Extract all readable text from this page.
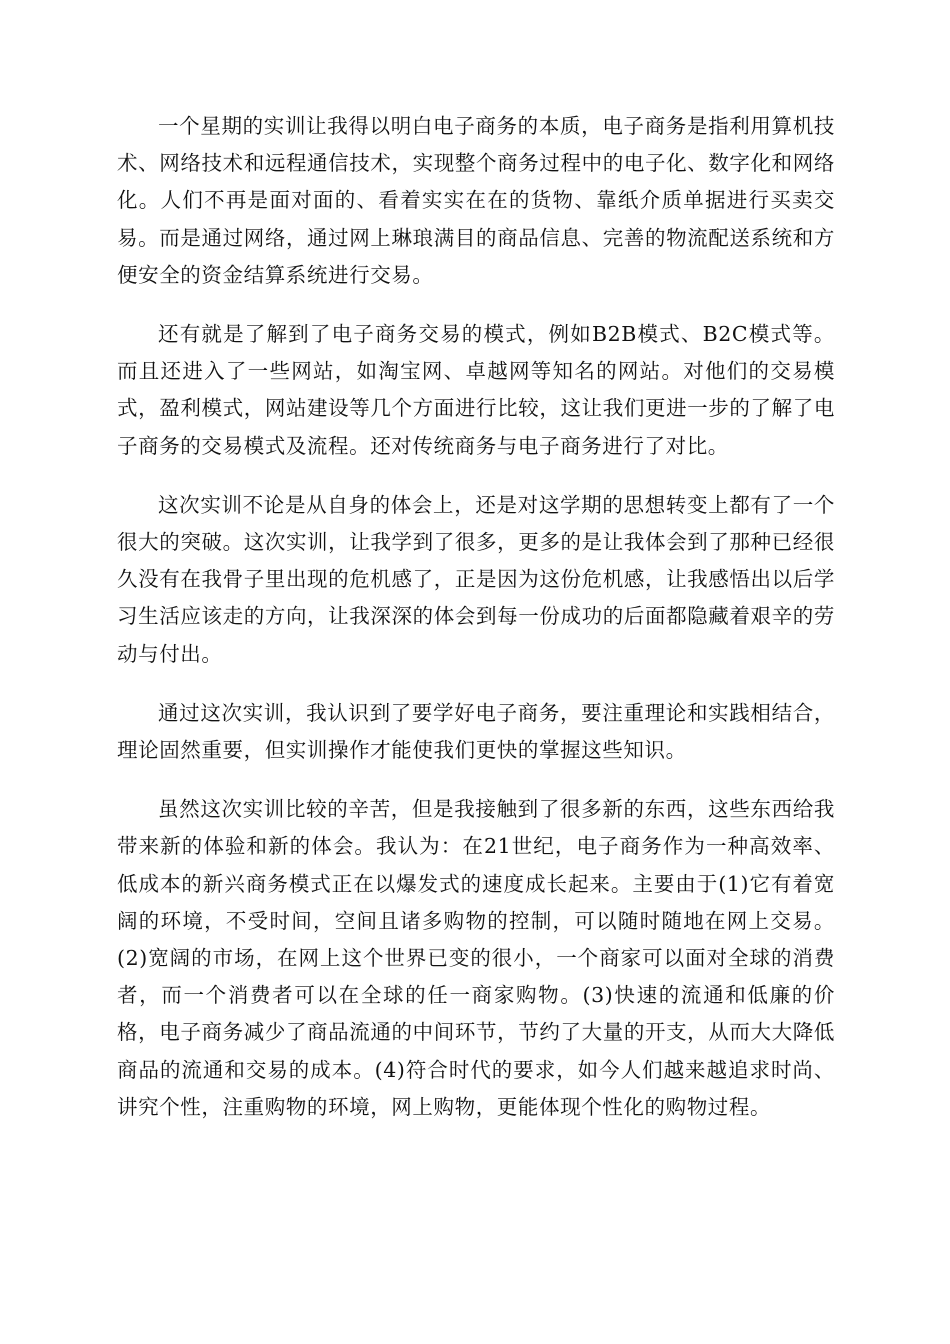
一个星期的实训让我得以明白电子商务的本质，电子商务是指利用算机技术、网络技术和远程通信技术，实现整个商务过程中的电子化、数字化和网络化。人们不再是面对面的、看着实实在在的货物、靠纸介质单据进行买卖交易。而是通过网络，通过网上琳琅满目的商品信息、完善的物流配送系统和方便安全的资金结算系统进行交易。

还有就是了解到了电子商务交易的模式，例如B2B模式、B2C模式等。而且还进入了一些网站，如淘宝网、卓越网等知名的网站。对他们的交易模式，盈利模式，网站建设等几个方面进行比较，这让我们更进一步的了解了电子商务的交易模式及流程。还对传统商务与电子商务进行了对比。

这次实训不论是从自身的体会上，还是对这学期的思想转变上都有了一个很大的突破。这次实训，让我学到了很多，更多的是让我体会到了那种已经很久没有在我骨子里出现的危机感了，正是因为这份危机感，让我感悟出以后学习生活应该走的方向，让我深深的体会到每一份成功的后面都隐藏着艰辛的劳动与付出。

通过这次实训，我认识到了要学好电子商务，要注重理论和实践相结合，理论固然重要，但实训操作才能使我们更快的掌握这些知识。

虽然这次实训比较的辛苦，但是我接触到了很多新的东西，这些东西给我带来新的体验和新的体会。我认为：在21世纪，电子商务作为一种高效率、低成本的新兴商务模式正在以爆发式的速度成长起来。主要由于(1)它有着宽阔的环境，不受时间，空间且诸多购物的控制，可以随时随地在网上交易。(2)宽阔的市场，在网上这个世界已变的很小，一个商家可以面对全球的消费者，而一个消费者可以在全球的任一商家购物。(3)快速的流通和低廉的价格，电子商务减少了商品流通的中间环节，节约了大量的开支，从而大大降低商品的流通和交易的成本。(4)符合时代的要求，如今人们越来越追求时尚、讲究个性，注重购物的环境，网上购物，更能体现个性化的购物过程。
